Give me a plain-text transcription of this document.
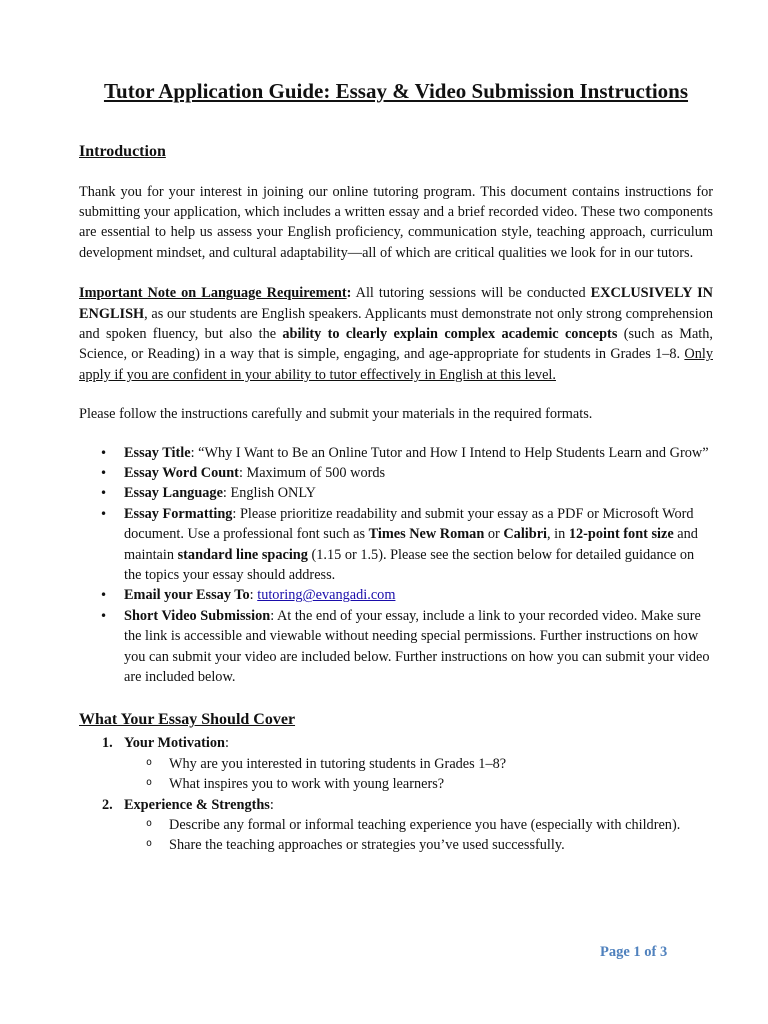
Tutor Application Guide: Essay & Video Submission Instructions
Introduction

Thank you for your interest in joining our online tutoring program. This document contains instructions for submitting your application, which includes a written essay and a brief recorded video. These two components are essential to help us assess your English proficiency, communication style, teaching approach, curriculum development mindset, and cultural adaptability—all of which are critical qualities we look for in our tutors.

Important Note on Language Requirement: All tutoring sessions will be conducted EXCLUSIVELY IN ENGLISH, as our students are English speakers. Applicants must demonstrate not only strong comprehension and spoken fluency, but also the ability to clearly explain complex academic concepts (such as Math, Science, or Reading) in a way that is simple, engaging, and age-appropriate for students in Grades 1–8. Only apply if you are confident in your ability to tutor effectively in English at this level.

Please follow the instructions carefully and submit your materials in the required formats.

• Essay Title: “Why I Want to Be an Online Tutor and How I Intend to Help Students Learn and Grow”
• Essay Word Count: Maximum of 500 words
• Essay Language: English ONLY
• Essay Formatting: Please prioritize readability and submit your essay as a PDF or Microsoft Word document. Use a professional font such as Times New Roman or Calibri, in 12-point font size and maintain standard line spacing (1.15 or 1.5). Please see the section below for detailed guidance on the topics your essay should address.
• Email your Essay To: tutoring@evangadi.com
• Short Video Submission: At the end of your essay, include a link to your recorded video. Make sure the link is accessible and viewable without needing special permissions. Further instructions on how you can submit your video are included below. Further instructions on how you can submit your video are included below.
What Your Essay Should Cover
1. Your Motivation:
o Why are you interested in tutoring students in Grades 1–8?
o What inspires you to work with young learners?
2. Experience & Strengths:
o Describe any formal or informal teaching experience you have (especially with children).
o Share the teaching approaches or strategies you’ve used successfully.
Page 1 of 3
